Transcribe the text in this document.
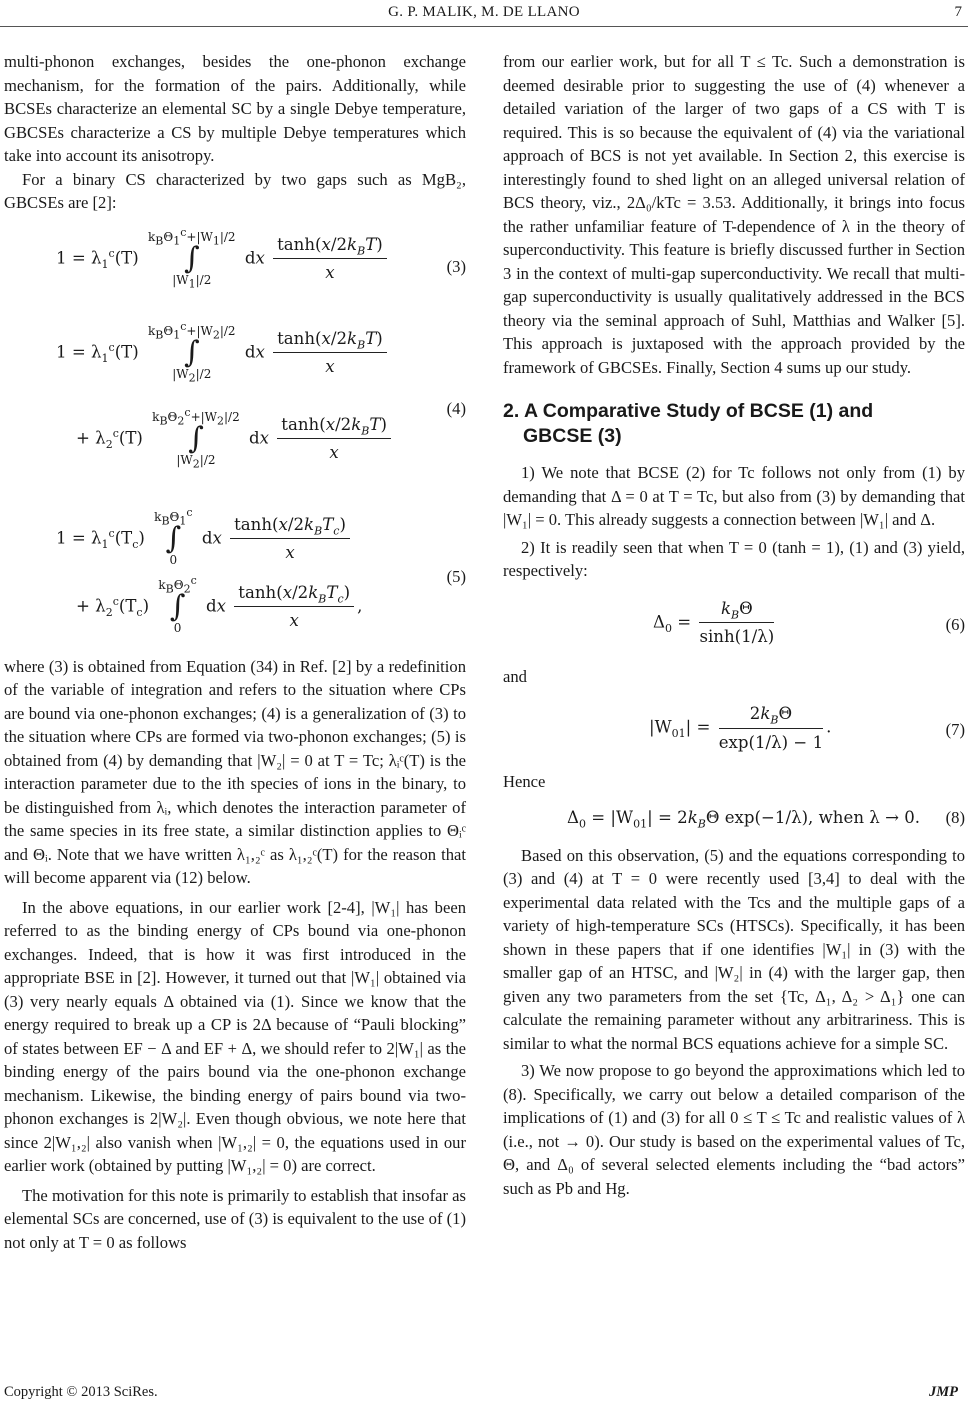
G. P. MALIK, M. DE LLANO	7

multi-phonon exchanges, besides the one-phonon exchange mechanism, for the formation of the pairs. Additionally, while BCSEs characterize an elemental SC by a single Debye temperature, GBCSEs characterize a CS by multiple Debye temperatures which take into account its anisotropy.

For a binary CS characterized by two gaps such as MgB₂, GBCSEs are [2]:

$1 = \lambda_1^c(T)$ $k_B\Theta_1^c+|W_1|/2$
∫
$|W_1|/2$ dx $\frac{\tanh(x/2k_BT)}{x}$	(3)
$1 = \lambda_1^c(T)$ $k_B\Theta_1^c+|W_2|/2$
∫
$|W_2|/2$ dx $\frac{\tanh(x/2k_BT)}{x}$
+ $\lambda_2^c(T)$ $k_B\Theta_2^c+|W_2|/2$
∫
$|W_2|/2$ dx $\frac{\tanh(x/2k_BT)}{x}$
(4)
$1 = \lambda_1^c(T_c)$ $k_B\Theta_1^c$
∫
0 dx $\frac{\tanh(x/2k_BT_c)}{x}$
+ $\lambda_2^c(T_c)$ $k_B\Theta_2^c$
∫
0 dx $\frac{\tanh(x/2k_BT_c)}{x}$ ,
(5)

where (3) is obtained from Equation (34) in Ref. [2] by a redefinition of the variable of integration and refers to the situation where CPs are bound via one-phonon exchanges; (4) is a generalization of (3) to the situation where CPs are formed via two-phonon exchanges; (5) is obtained from (4) by demanding that |W₂| = 0 at T = Tc; λᵢᶜ(T) is the interaction parameter due to the ith species of ions in the binary, to be distinguished from λᵢ, which denotes the interaction parameter of the same species in its free state, a similar distinction applies to Θᵢᶜ and Θᵢ. Note that we have written λ₁,₂ᶜ as λ₁,₂ᶜ(T) for the reason that will become apparent via (12) below.

In the above equations, in our earlier work [2-4], |W₁| has been referred to as the binding energy of CPs bound via one-phonon exchanges. Indeed, that is how it was first introduced in the appropriate BSE in [2]. However, it turned out that |W₁| obtained via (3) very nearly equals Δ obtained via (1). Since we know that the energy required to break up a CP is 2Δ because of “Pauli blocking” of states between EF − Δ and EF + Δ, we should refer to 2|W₁| as the binding energy of the pairs bound via the one-phonon exchange mechanism. Likewise, the binding energy of pairs bound via two-phonon exchanges is 2|W₂|. Even though obvious, we note here that since 2|W₁,₂| also vanish when |W₁,₂| = 0, the equations used in our earlier work (obtained by putting |W₁,₂| = 0) are correct.

The motivation for this note is primarily to establish that insofar as elemental SCs are concerned, use of (3) is equivalent to the use of (1) not only at T = 0 as follows

from our earlier work, but for all T ≤ Tc. Such a demonstration is deemed desirable prior to suggesting the use of (4) whenever a detailed variation of the larger of two gaps of a CS with T is required. This is so because the equivalent of (4) via the variational approach of BCS is not yet available. In Section 2, this exercise is interestingly found to shed light on an alleged universal relation of BCS theory, viz., 2Δ₀/kTc = 3.53. Additionally, it brings into focus the rather unfamiliar feature of T-dependence of λ in the theory of superconductivity. This feature is briefly discussed further in Section 3 in the context of multi-gap superconductivity. We recall that multi-gap superconductivity is usually qualitatively addressed in the BCS theory via the seminal approach of Suhl, Matthias and Walker [5]. This approach is juxtaposed with the approach provided by the framework of GBCSEs. Finally, Section 4 sums up our study.

2. A Comparative Study of BCSE (1) and
GBCSE (3)

1) We note that BCSE (2) for Tc follows not only from (1) by demanding that Δ = 0 at T = Tc, but also from (3) by demanding that |W₁| = 0. This already suggests a connection between |W₁| and Δ.

2) It is readily seen that when T = 0 (tanh = 1), (1) and (3) yield, respectively:

$\Delta_0 = \frac{k_B\Theta}{\sinh(1/\lambda)}$	(6)

and

$|W_{01}| = \frac{2k_B\Theta}{\exp(1/\lambda) - 1}$ .	(7)

Hence

$\Delta_0 = |W_{01}| = 2k_B\Theta$ exp(−1/λ), when λ → 0. (8)

Based on this observation, (5) and the equations corresponding to (3) and (4) at T = 0 were recently used [3,4] to deal with the experimental data related with the Tcs and the multiple gaps of a variety of high-temperature SCs (HTSCs). Specifically, it has been shown in these papers that if one identifies |W₁| in (3) with the smaller gap of an HTSC, and |W₂| in (4) with the larger gap, then given any two parameters from the set {Tc, Δ₁, Δ₂ > Δ₁} one can calculate the remaining parameter without any arbitrariness. This is similar to what the normal BCS equations achieve for a simple SC.

3) We now propose to go beyond the approximations which led to (8). Specifically, we carry out below a detailed comparison of the implications of (1) and (3) for all 0 ≤ T ≤ Tc and realistic values of λ (i.e., not → 0). Our study is based on the experimental values of Tc, Θ, and Δ₀ of several selected elements including the “bad actors” such as Pb and Hg.

Copyright © 2013 SciRes.	JMP
